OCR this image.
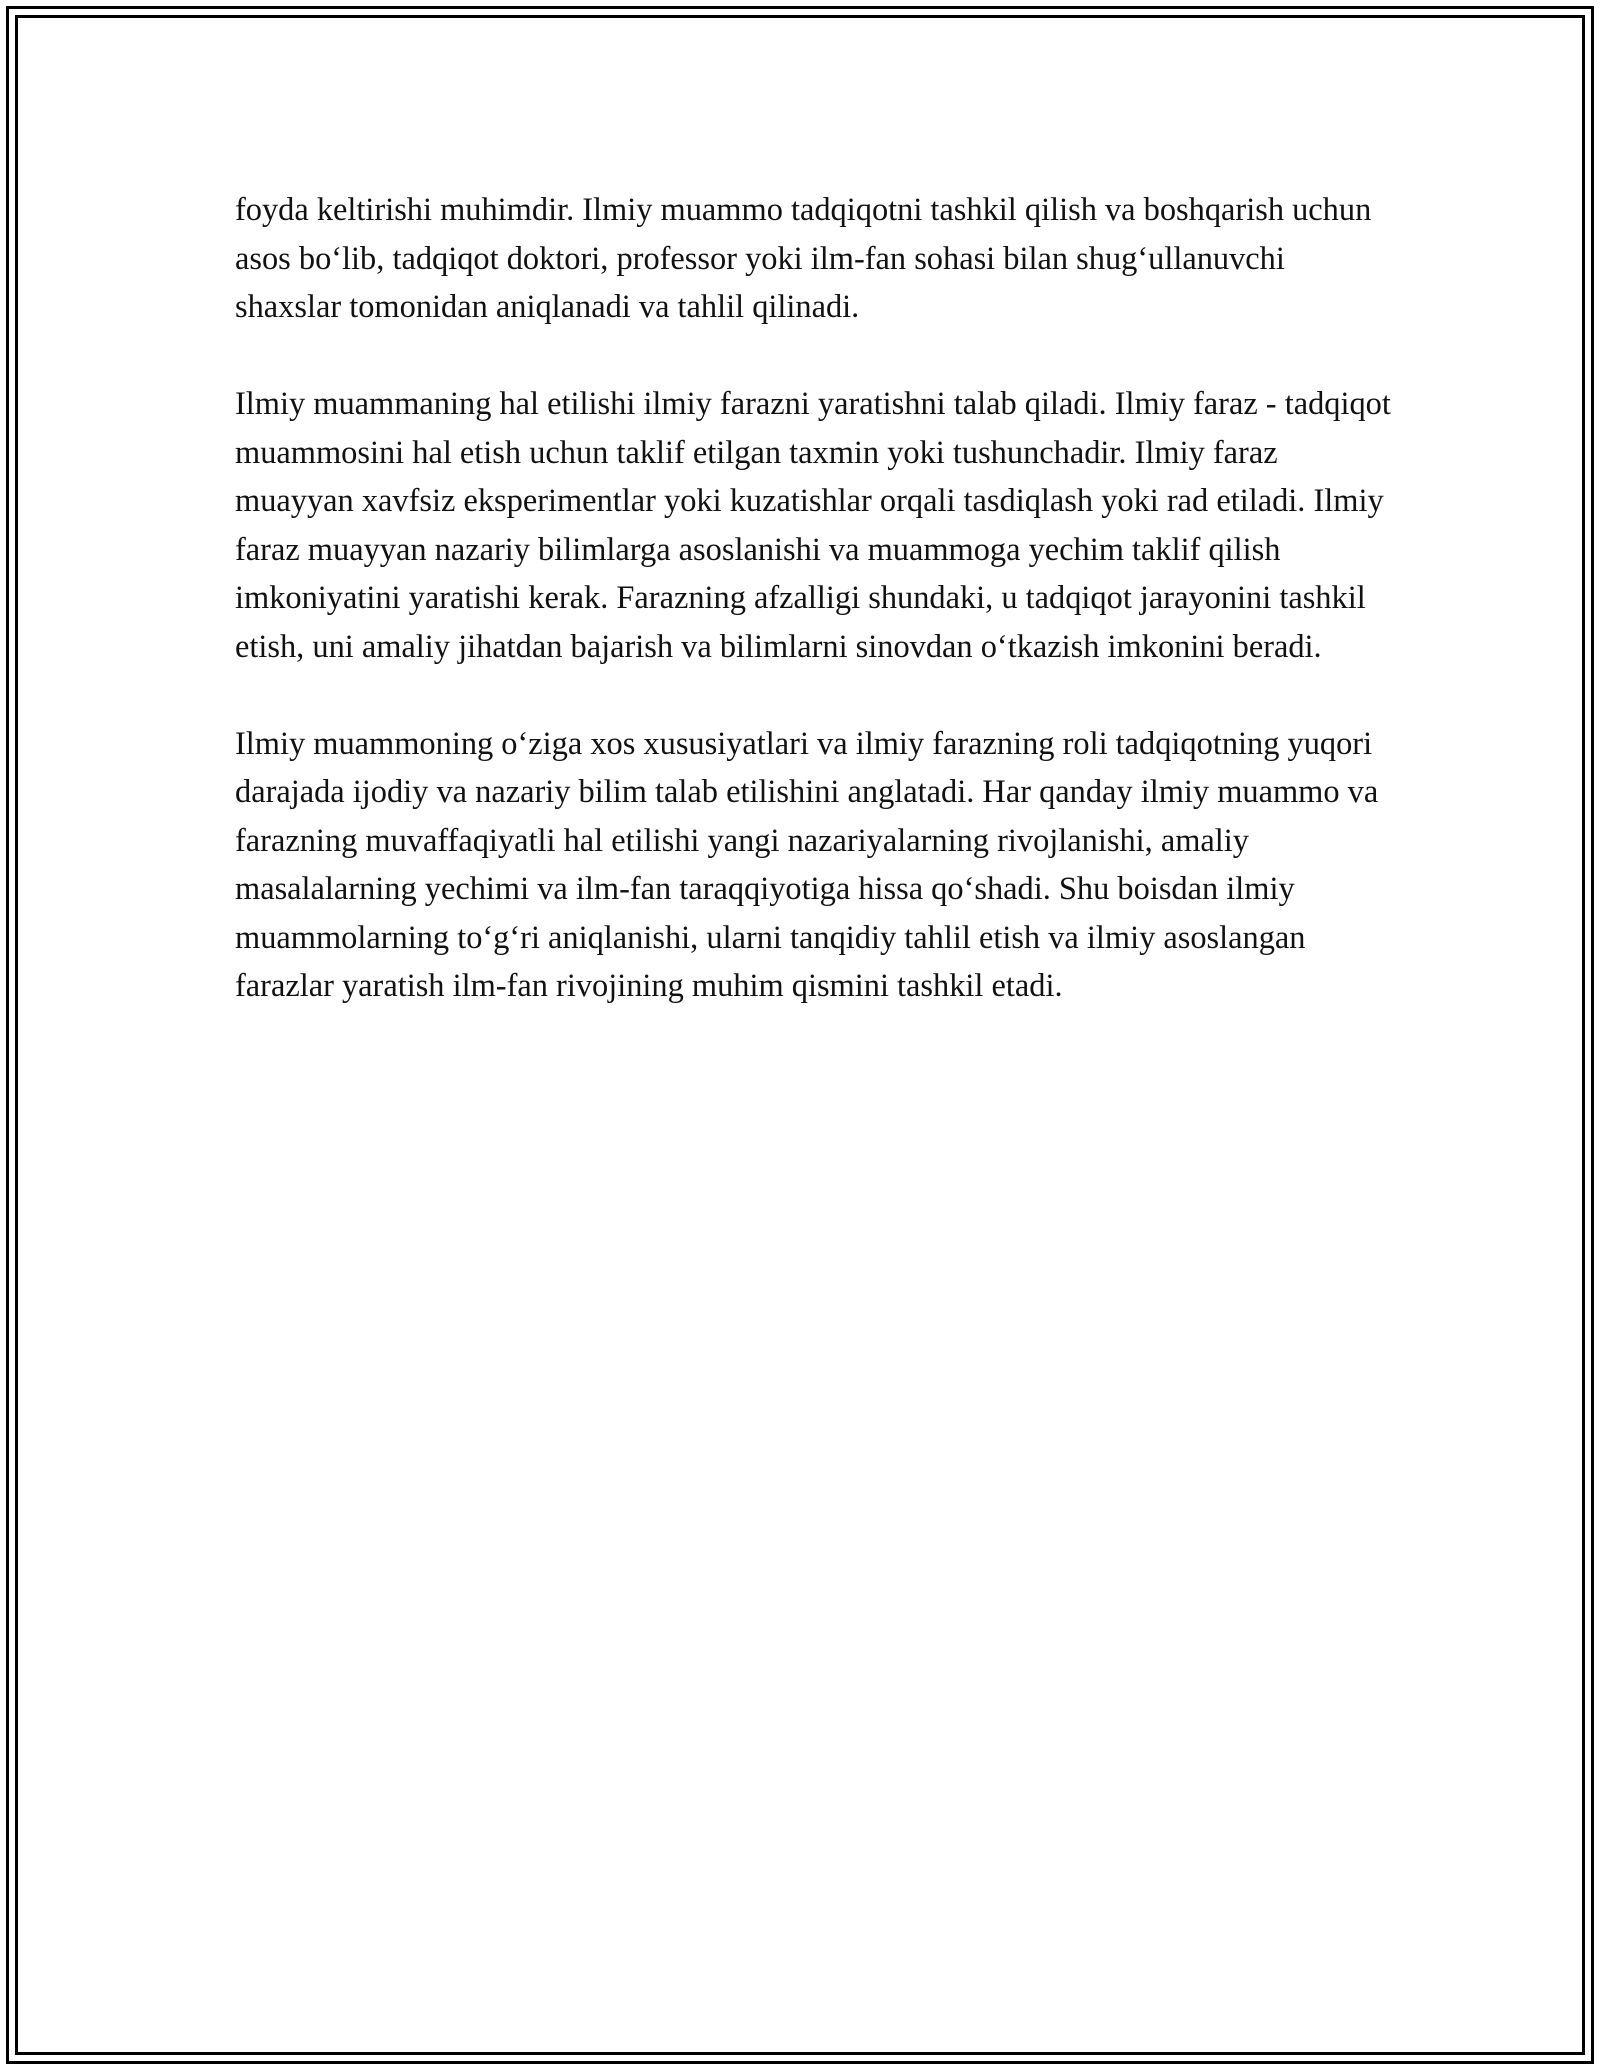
foyda keltirishi muhimdir. Ilmiy muammo tadqiqotni tashkil qilish va boshqarish uchun asos bo‘lib, tadqiqot doktori, professor yoki ilm-fan sohasi bilan shug‘ullanuvchi shaxslar tomonidan aniqlanadi va tahlil qilinadi.

Ilmiy muammaning hal etilishi ilmiy farazni yaratishni talab qiladi. Ilmiy faraz - tadqiqot muammosini hal etish uchun taklif etilgan taxmin yoki tushunchadir. Ilmiy faraz muayyan xavfsiz eksperimentlar yoki kuzatishlar orqali tasdiqlash yoki rad etiladi. Ilmiy faraz muayyan nazariy bilimlarga asoslanishi va muammoga yechim taklif qilish imkoniyatini yaratishi kerak. Farazning afzalligi shundaki, u tadqiqot jarayonini tashkil etish, uni amaliy jihatdan bajarish va bilimlarni sinovdan o‘tkazish imkonini beradi.

Ilmiy muammoning o‘ziga xos xususiyatlari va ilmiy farazning roli tadqiqotning yuqori darajada ijodiy va nazariy bilim talab etilishini anglatadi. Har qanday ilmiy muammo va farazning muvaffaqiyatli hal etilishi yangi nazariyalarning rivojlanishi, amaliy masalalarning yechimi va ilm-fan taraqqiyotiga hissa qo‘shadi. Shu boisdan ilmiy muammolarning to‘g‘ri aniqlanishi, ularni tanqidiy tahlil etish va ilmiy asoslangan farazlar yaratish ilm-fan rivojining muhim qismini tashkil etadi.
